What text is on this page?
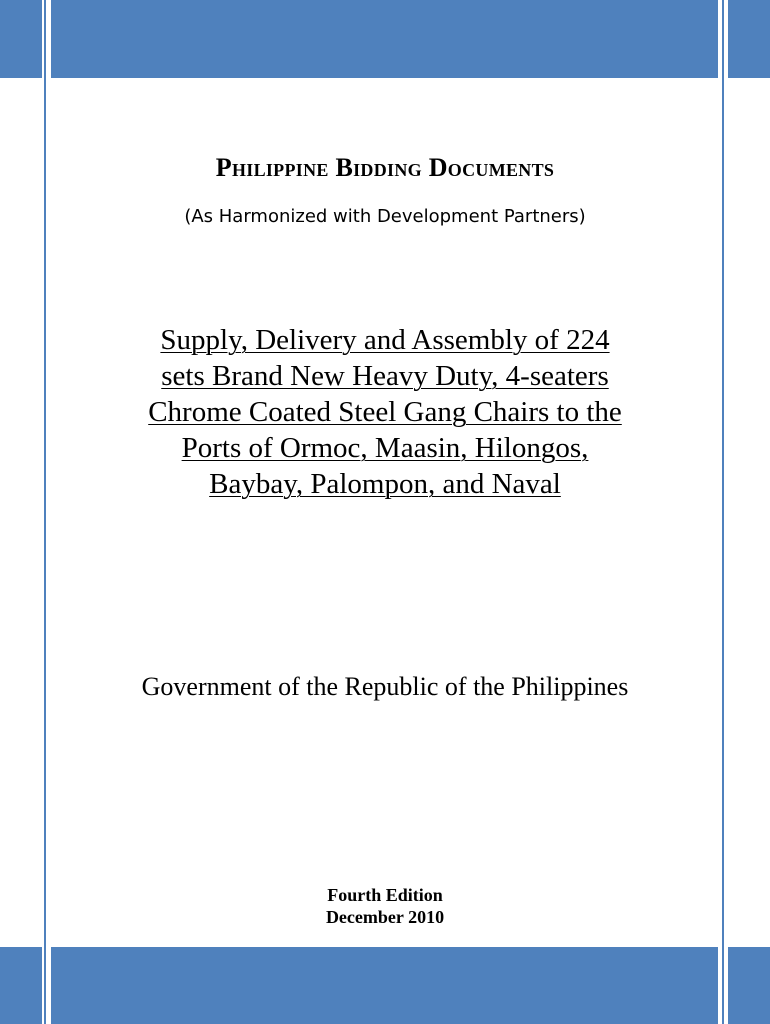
Philippine Bidding Documents

(As Harmonized with Development Partners)

Supply, Delivery and Assembly of 224
sets Brand New Heavy Duty, 4-seaters
Chrome Coated Steel Gang Chairs to the
Ports of Ormoc, Maasin, Hilongos,
Baybay, Palompon, and Naval

Government of the Republic of the Philippines

Fourth Edition
December 2010
